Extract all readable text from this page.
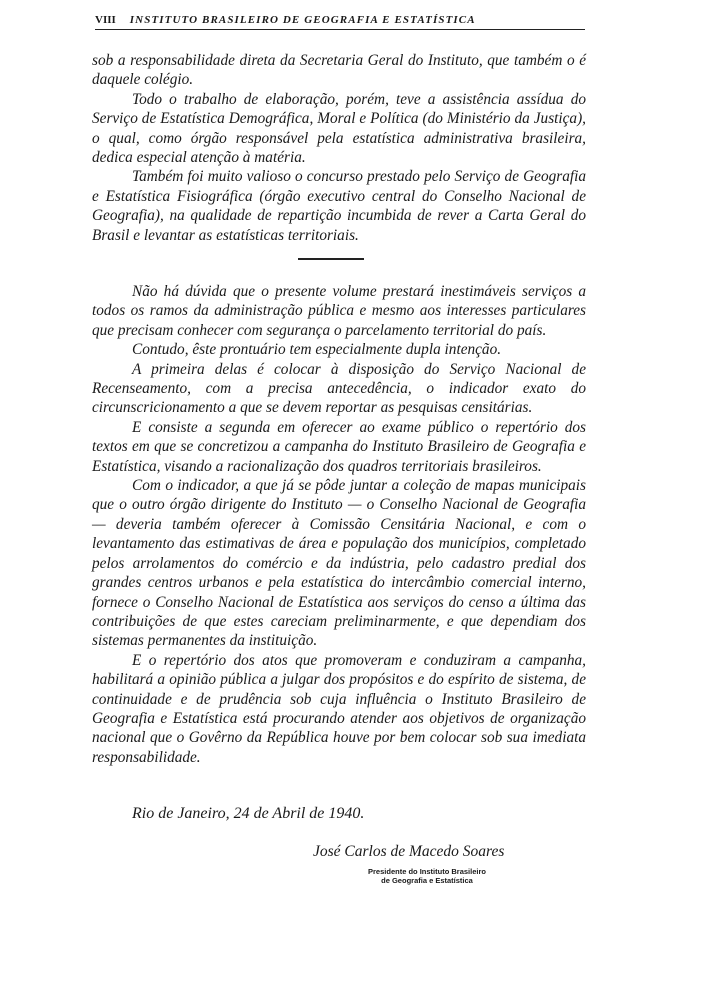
VIII INSTITUTO BRASILEIRO DE GEOGRAFIA E ESTATÍSTICA

sob a responsabilidade direta da Secretaria Geral do Instituto, que também o é daquele colégio.

Todo o trabalho de elaboração, porém, teve a assistência assídua do Serviço de Estatística Demográfica, Moral e Política (do Ministério da Justiça), o qual, como órgão responsável pela estatística administrativa brasileira, dedica especial atenção à matéria.

Também foi muito valioso o concurso prestado pelo Serviço de Geografia e Estatística Fisiográfica (órgão executivo central do Conselho Nacional de Geografia), na qualidade de repartição incumbida de rever a Carta Geral do Brasil e levantar as estatísticas territoriais.

Não há dúvida que o presente volume prestará inestimáveis serviços a todos os ramos da administração pública e mesmo aos interesses particulares que precisam conhecer com segurança o parcelamento territorial do país.

Contudo, êste prontuário tem especialmente dupla intenção.

A primeira delas é colocar à disposição do Serviço Nacional de Recenseamento, com a precisa antecedência, o indicador exato do circunscricionamento a que se devem reportar as pesquisas censitárias.

E consiste a segunda em oferecer ao exame público o repertório dos textos em que se concretizou a campanha do Instituto Brasileiro de Geografia e Estatística, visando a racionalização dos quadros territoriais brasileiros.

Com o indicador, a que já se pôde juntar a coleção de mapas municipais que o outro órgão dirigente do Instituto — o Conselho Nacional de Geografia — deveria também oferecer à Comissão Censitária Nacional, e com o levantamento das estimativas de área e população dos municípios, completado pelos arrolamentos do comércio e da indústria, pelo cadastro predial dos grandes centros urbanos e pela estatística do intercâmbio comercial interno, fornece o Conselho Nacional de Estatística aos serviços do censo a última das contribuições de que estes careciam preliminarmente, e que dependiam dos sistemas permanentes da instituição.

E o repertório dos atos que promoveram e conduziram a campanha, habilitará a opinião pública a julgar dos propósitos e do espírito de sistema, de continuidade e de prudência sob cuja influência o Instituto Brasileiro de Geografia e Estatística está procurando atender aos objetivos de organização nacional que o Govêrno da República houve por bem colocar sob sua imediata responsabilidade.

Rio de Janeiro, 24 de Abril de 1940.
José Carlos de Macedo Soares
Presidente do Instituto Brasileiro
de Geografia e Estatística
